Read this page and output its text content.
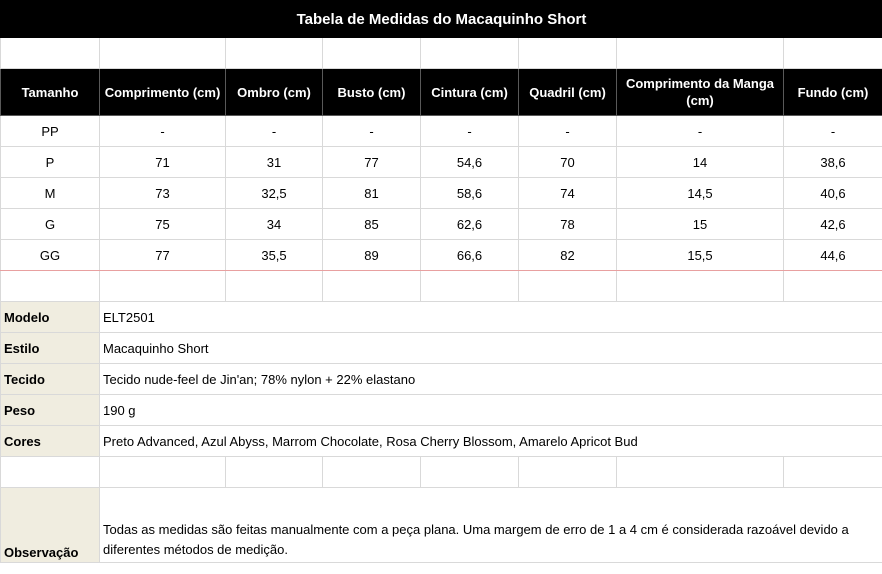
Tabela de Medidas do Macaquinho Short							

Tamanho	Comprimento (cm)	Ombro (cm)	Busto (cm)	Cintura (cm)	Quadril (cm)	Comprimento da Manga (cm)	Fundo (cm)
PP	-	-	-	-	-	-	-
P	71	31	77	54,6	70	14	38,6
M	73	32,5	81	58,6	74	14,5	40,6
G	75	34	85	62,6	78	15	42,6
GG	77	35,5	89	66,6	82	15,5	44,6

Modelo	ELT2501						
Estilo	Macaquinho Short						
Tecido	Tecido nude-feel de Jin'an; 78% nylon + 22% elastano						
Peso	190 g						
Cores	Preto Advanced, Azul Abyss, Marrom Chocolate, Rosa Cherry Blossom, Amarelo Apricot Bud						

Observação	Todas as medidas são feitas manualmente com a peça plana. Uma margem de erro de 1 a 4 cm é considerada razoável devido a diferentes métodos de medição.						
